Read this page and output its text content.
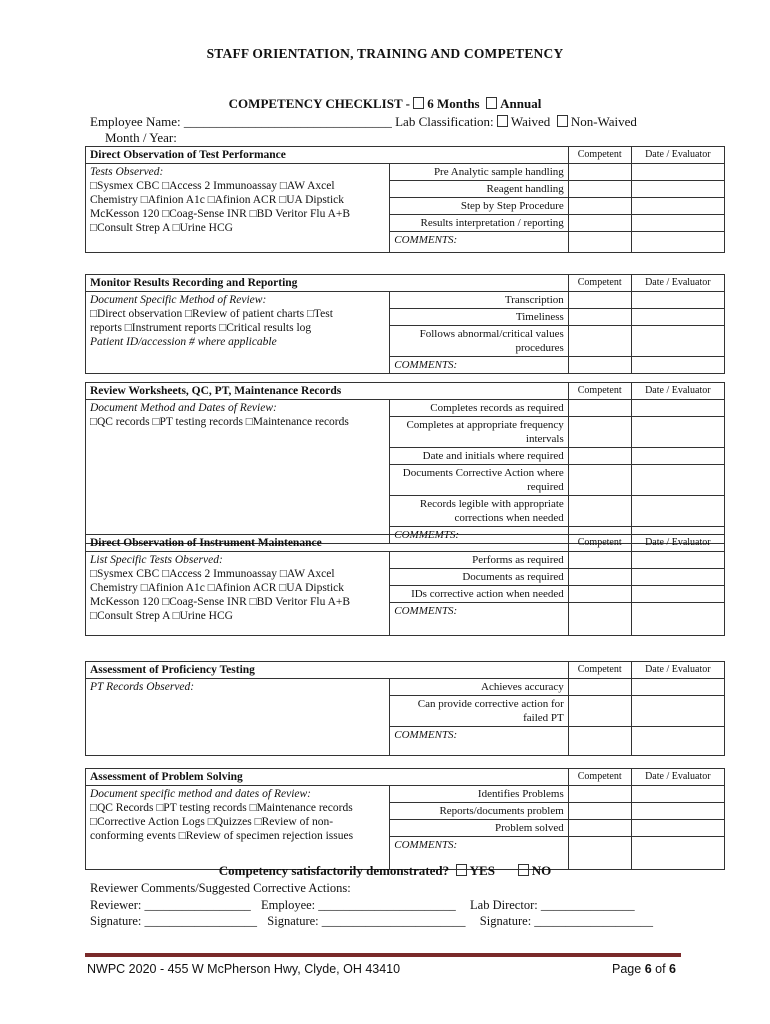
STAFF ORIENTATION, TRAINING AND COMPETENCY
COMPETENCY CHECKLIST - 6 Months Annual
Employee Name: ________________________________ Lab Classification: Waived Non-Waived
Month / Year:
Direct Observation of Test Performance		Competent	Date / Evaluator

Tests Observed:
□Sysmex CBC □Access 2 Immunoassay □AW Axcel
Chemistry □Afinion A1c □Afinion ACR □UA Dipstick
McKesson 120 □Coag-Sense INR □BD Veritor Flu A+B
□Consult Strep A □Urine HCG	Pre Analytic sample handling		
	Reagent handling		
	Step by Step Procedure		
	Results interpretation / reporting		
	COMMENTS:		
Monitor Results Recording and Reporting		Competent	Date / Evaluator

Document Specific Method of Review:
□Direct observation □Review of patient charts □Test
reports □Instrument reports □Critical results log
Patient ID/accession # where applicable	Transcription		
	Timeliness		
	Follows abnormal/critical values procedures		
	COMMENTS:		
Review Worksheets, QC, PT, Maintenance Records		Competent	Date / Evaluator

Document Method and Dates of Review:
□QC records □PT testing records □Maintenance records	Completes records as required		
	Completes at appropriate frequency intervals		
	Date and initials where required		
	Documents Corrective Action where required		
	Records legible with appropriate corrections when needed		
	COMMEMTS:		
Direct Observation of Instrument Maintenance		Competent	Date / Evaluator

List Specific Tests Observed:
□Sysmex CBC □Access 2 Immunoassay □AW Axcel
Chemistry □Afinion A1c □Afinion ACR □UA Dipstick
McKesson 120 □Coag-Sense INR □BD Veritor Flu A+B
□Consult Strep A □Urine HCG	Performs as required		
	Documents as required		
	IDs corrective action when needed		
	COMMENTS:		
Assessment of Proficiency Testing		Competent	Date / Evaluator

PT Records Observed:	Achieves accuracy		
	Can provide corrective action for failed PT		
	COMMENTS:		
Assessment of Problem Solving		Competent	Date / Evaluator

Document specific method and dates of Review:
□QC Records □PT testing records □Maintenance records
□Corrective Action Logs □Quizzes □Review of non-
conforming events □Review of specimen rejection issues	Identifies Problems		
	Reports/documents problem		
	Problem solved		
	COMMENTS:		
Competency satisfactorily demonstrated? YES	NO
Reviewer Comments/Suggested Corrective Actions:
Reviewer: _________________ Employee: ______________________ Lab Director: _______________
Signature: __________________ Signature: _______________________ Signature: ___________________
NWPC 2020 - 455 W McPherson Hwy, Clyde, OH 43410	Page 6 of 6
